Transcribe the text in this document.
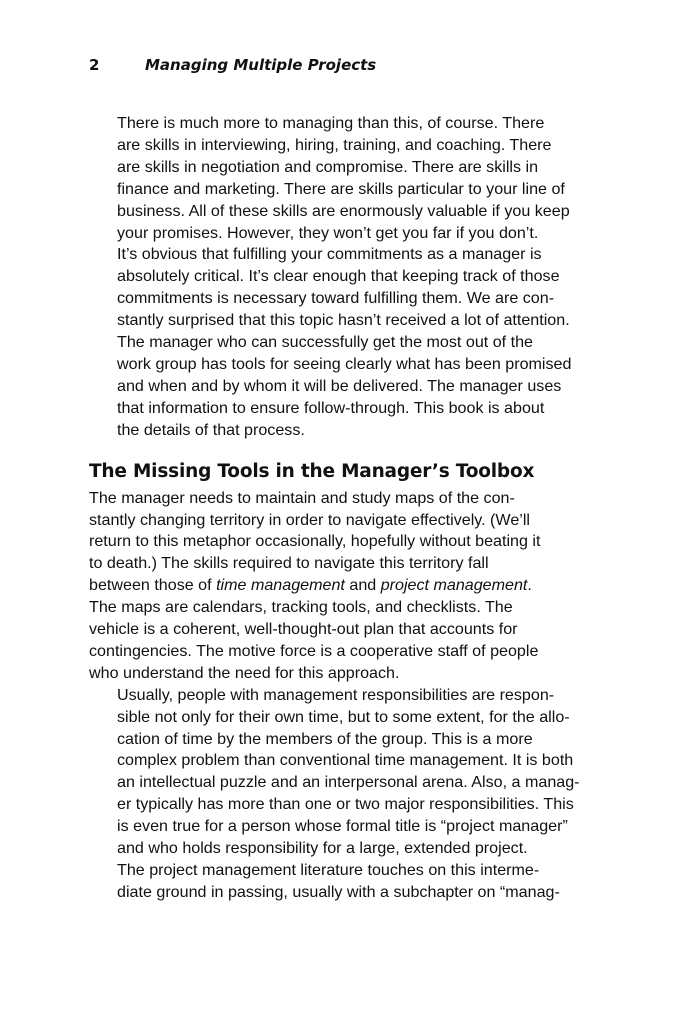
2	Managing Multiple Projects

There is much more to managing than this, of course. There
are skills in interviewing, hiring, training, and coaching. There
are skills in negotiation and compromise. There are skills in
finance and marketing. There are skills particular to your line of
business. All of these skills are enormously valuable if you keep
your promises. However, they won’t get you far if you don’t.

It’s obvious that fulfilling your commitments as a manager is
absolutely critical. It’s clear enough that keeping track of those
commitments is necessary toward fulfilling them. We are con-
stantly surprised that this topic hasn’t received a lot of attention.

The manager who can successfully get the most out of the
work group has tools for seeing clearly what has been promised
and when and by whom it will be delivered. The manager uses
that information to ensure follow-through. This book is about
the details of that process.

The Missing Tools in the Manager’s Toolbox

The manager needs to maintain and study maps of the con-
stantly changing territory in order to navigate effectively. (We’ll
return to this metaphor occasionally, hopefully without beating it
to death.) The skills required to navigate this territory fall
between those of time management and project management.
The maps are calendars, tracking tools, and checklists. The
vehicle is a coherent, well-thought-out plan that accounts for
contingencies. The motive force is a cooperative staff of people
who understand the need for this approach.

Usually, people with management responsibilities are respon-
sible not only for their own time, but to some extent, for the allo-
cation of time by the members of the group. This is a more
complex problem than conventional time management. It is both
an intellectual puzzle and an interpersonal arena. Also, a manag-
er typically has more than one or two major responsibilities. This
is even true for a person whose formal title is “project manager”
and who holds responsibility for a large, extended project.

The project management literature touches on this interme-
diate ground in passing, usually with a subchapter on “manag-
